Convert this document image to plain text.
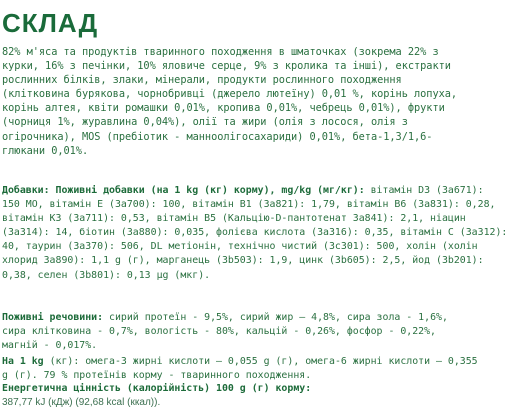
СКЛАД
82% м'яса та продуктів тваринного походження в шматочках (зокрема 22% з
курки, 16% з печінки, 10% яловиче серце, 9% з кролика та інші), екстракти
рослинних білків, злаки, мінерали, продукти рослинного походження
(клітковина бурякова, чорнобривці (джерело лютеїну) 0,01 %, корінь лопуха,
корінь алтея, квіти ромашки 0,01%, кропива 0,01%, чебрець 0,01%), фрукти
(чорниця 1%, журавлина 0,04%), олії та жири (олія з лосося, олія з
огірочника), MOS (пребіотик - манноолігосахариди) 0,01%, бета-1,3/1,6-
глюкани 0,01%.
Добавки: Поживні добавки (на 1 kg (кг) корму), mg/kg (мг/кг): вітамін D3 (3a671):
150 MO, вітамін E (3a700): 100, вітамін B1 (3a821): 1,79, вітамін B6 (3a831): 0,28,
вітамін K3 (3a711): 0,53, вітамін B5 (Кальцію-D-пантотенат 3a841): 2,1, ніацин
(3a314): 14, біотин (3a880): 0,035, фолієва кислота (3a316): 0,35, вітамін C (3a312):
40, таурин (3a370): 506, DL метіонін, технічно чистий (3c301): 500, холін (холін
хлорид 3a890): 1,1 g (г), марганець (3b503): 1,9, цинк (3b605): 2,5, йод (3b201):
0,38, селен (3b801): 0,13 µg (мкг).
Поживні речовини: сирий протеїн - 9,5%, сирий жир – 4,8%, сира зола - 1,6%,
сира клітковина - 0,7%, вологість - 80%, кальцій - 0,26%, фосфор - 0,22%,
магній - 0,017%.
На 1 kg (кг): омега-3 жирні кислоти – 0,055 g (г), омега-6 жирні кислоти – 0,355
g (г). 79 % протеїнів корму - тваринного походження.
Енергетична цінність (калорійність) 100 g (г) корму:
387,77 kJ (кДж) (92,68 kcal (ккал)).
